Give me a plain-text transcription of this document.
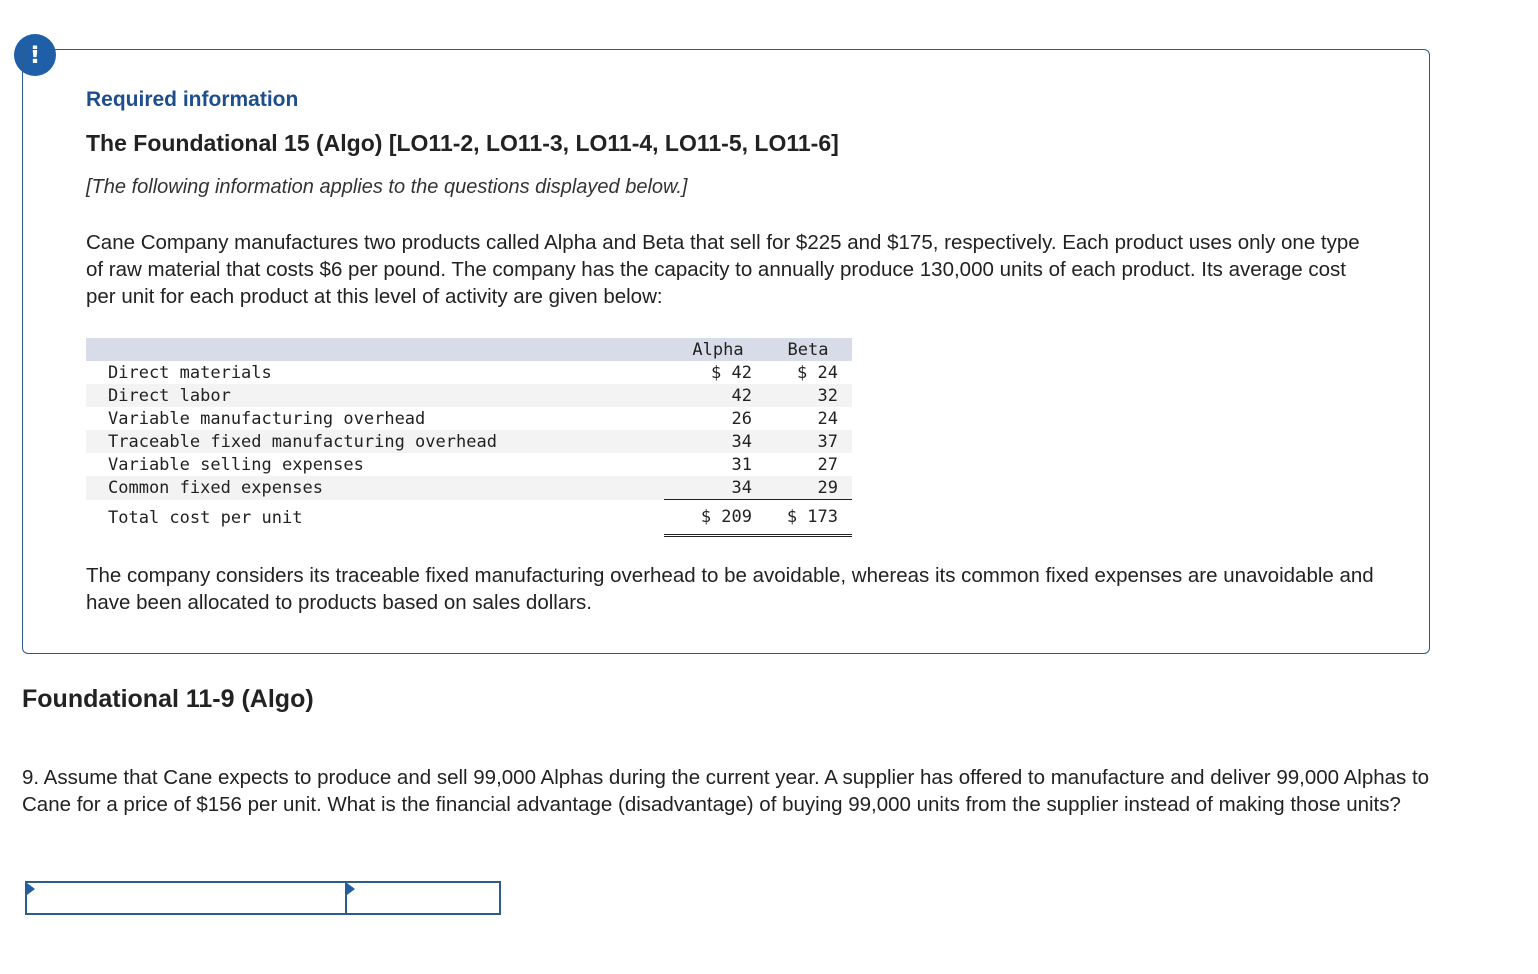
!
Required information
The Foundational 15 (Algo) [LO11-2, LO11-3, LO11-4, LO11-5, LO11-6]

[The following information applies to the questions displayed below.]

Cane Company manufactures two products called Alpha and Beta that sell for $225 and $175, respectively. Each product uses only one type of raw material that costs $6 per pound. The company has the capacity to annually produce 130,000 units of each product. Its average cost per unit for each product at this level of activity are given below:

	Alpha	Beta
Direct materials	$ 42	$ 24
Direct labor	42	32
Variable manufacturing overhead	26	24
Traceable fixed manufacturing overhead	34	37
Variable selling expenses	31	27
Common fixed expenses	34	29
Total cost per unit	$ 209	$ 173

The company considers its traceable fixed manufacturing overhead to be avoidable, whereas its common fixed expenses are unavoidable and have been allocated to products based on sales dollars.

Foundational 11-9 (Algo)

9. Assume that Cane expects to produce and sell 99,000 Alphas during the current year. A supplier has offered to manufacture and deliver 99,000 Alphas to Cane for a price of $156 per unit. What is the financial advantage (disadvantage) of buying 99,000 units from the supplier instead of making those units?
